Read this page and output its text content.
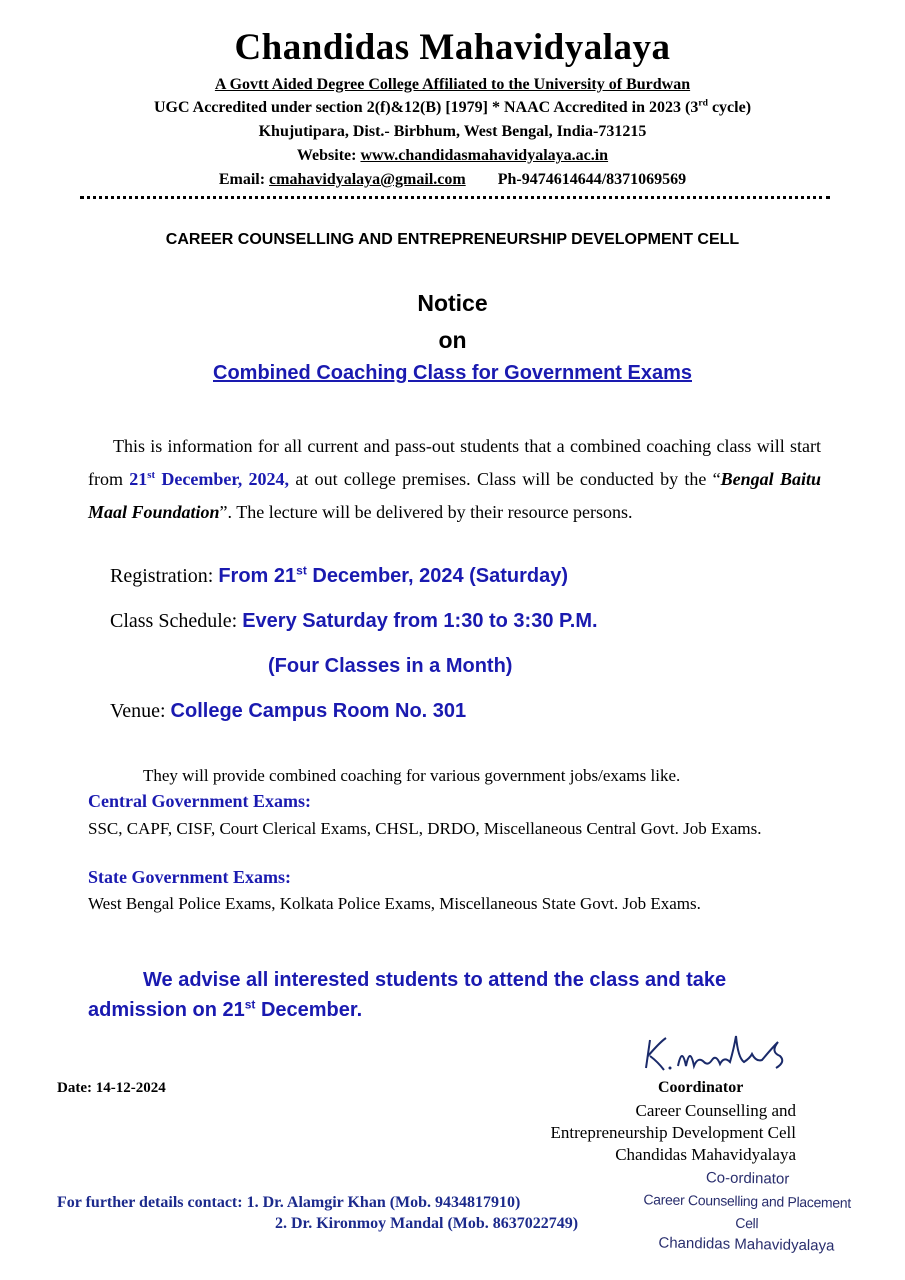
Chandidas Mahavidyalaya
A Govtt Aided Degree College Affiliated to the University of Burdwan
UGC Accredited under section 2(f)&12(B) [1979] * NAAC Accredited in 2023 (3rd cycle)
Khujutipara, Dist.- Birbhum, West Bengal, India-731215
Website: www.chandidasmahavidyalaya.ac.in
Email: cmahavidyalaya@gmail.com Ph-9474614644/8371069569
CAREER COUNSELLING AND ENTREPRENEURSHIP DEVELOPMENT CELL
Notice
on
Combined Coaching Class for Government Exams
This is information for all current and pass-out students that a combined coaching class will start from 21st December, 2024, at out college premises. Class will be conducted by the “Bengal Baitu Maal Foundation”. The lecture will be delivered by their resource persons.
Registration: From 21st December, 2024 (Saturday)
Class Schedule: Every Saturday from 1:30 to 3:30 P.M.
(Four Classes in a Month)
Venue: College Campus Room No. 301
They will provide combined coaching for various government jobs/exams like.
Central Government Exams:
SSC, CAPF, CISF, Court Clerical Exams, CHSL, DRDO, Miscellaneous Central Govt. Job Exams.
State Government Exams:
West Bengal Police Exams, Kolkata Police Exams, Miscellaneous State Govt. Job Exams.
We advise all interested students to attend the class and take admission on 21st December.
Date: 14-12-2024	Coordinator
Career Counselling and
Entrepreneurship Development Cell
Chandidas Mahavidyalaya
For further details contact: 1. Dr. Alamgir Khan (Mob. 9434817910)
2. Dr. Kironmoy Mandal (Mob. 8637022749)
Co-ordinator
Career Counselling and Placement Cell
Chandidas Mahavidyalaya
